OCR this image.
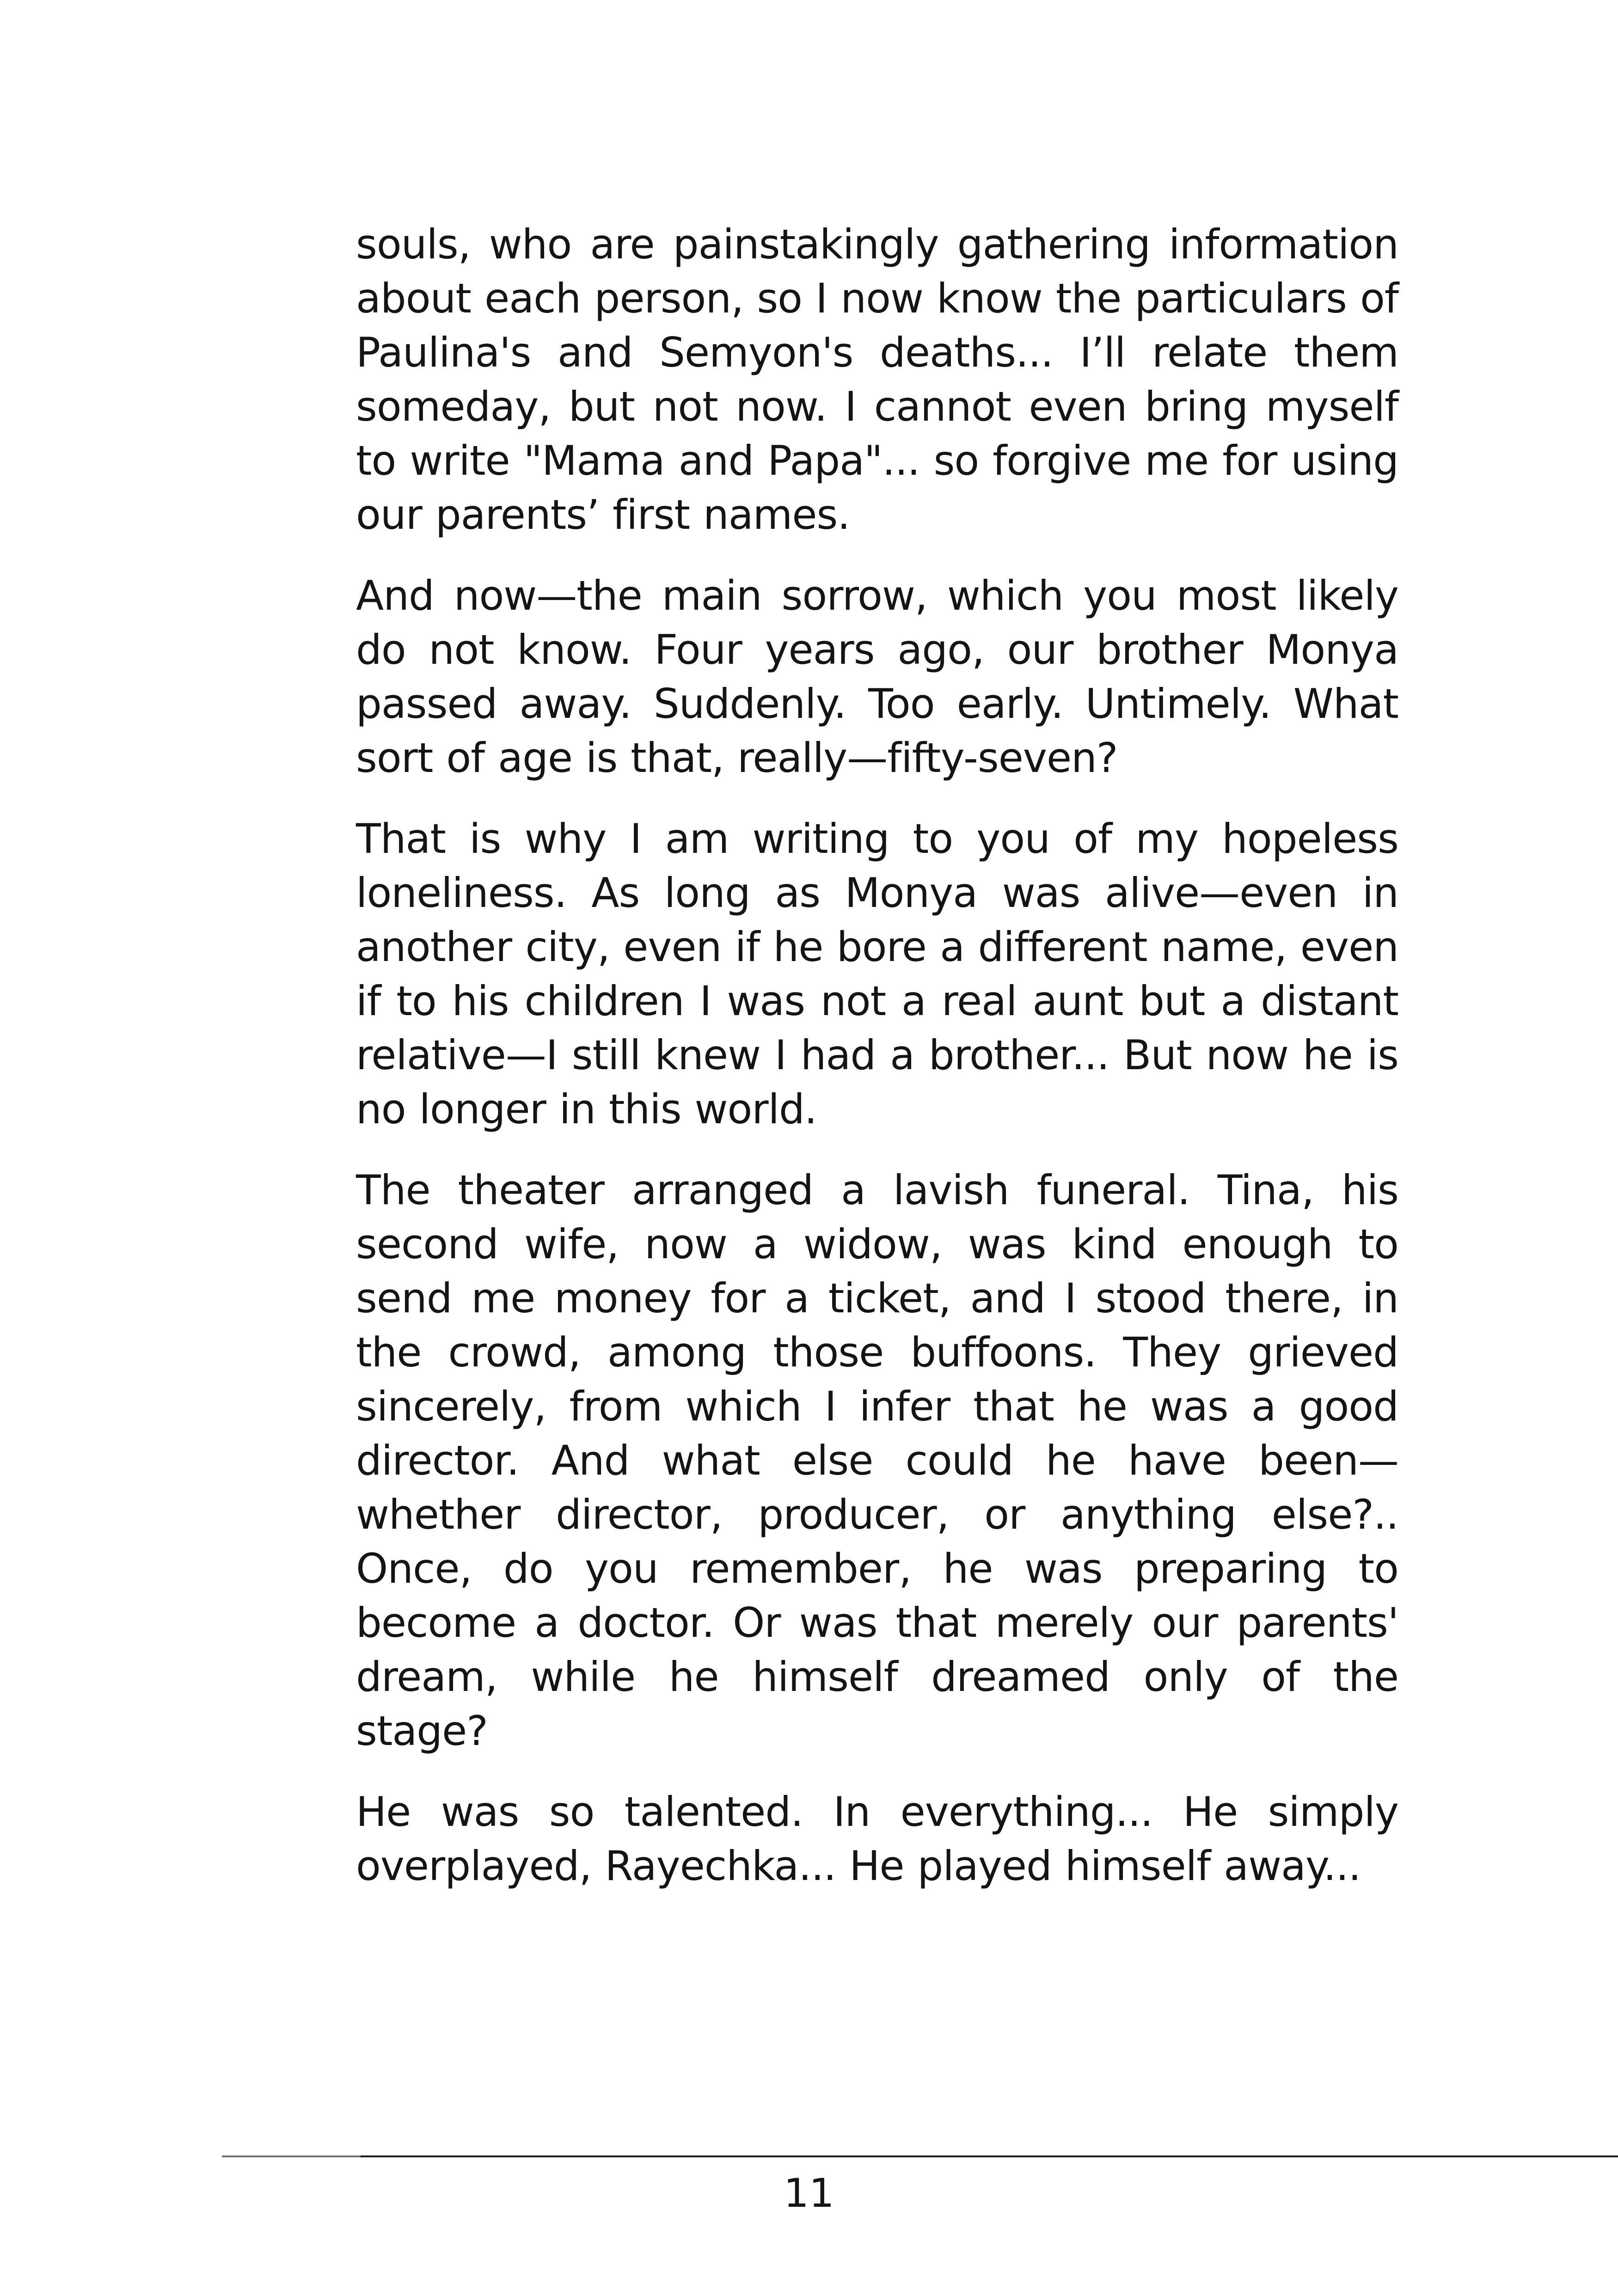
souls, who are painstakingly gathering information about each person, so I now know the particulars of Paulina's and Semyon's deaths... I’ll relate them someday, but not now. I cannot even bring myself to write "Mama and Papa"... so forgive me for using our parents’ first names.

And now—the main sorrow, which you most likely do not know. Four years ago, our brother Monya passed away. Suddenly. Too early. Untimely. What sort of age is that, really—fifty-seven?

That is why I am writing to you of my hopeless loneliness. As long as Monya was alive—even in another city, even if he bore a different name, even if to his children I was not a real aunt but a distant relative—I still knew I had a brother... But now he is no longer in this world.

The theater arranged a lavish funeral. Tina, his second wife, now a widow, was kind enough to send me money for a ticket, and I stood there, in the crowd, among those buffoons. They grieved sincerely, from which I infer that he was a good director. And what else could he have been—whether director, producer, or anything else?.. Once, do you remember, he was preparing to become a doctor. Or was that merely our parents' dream, while he himself dreamed only of the stage?

He was so talented. In everything... He simply overplayed, Rayechka... He played himself away...

11
